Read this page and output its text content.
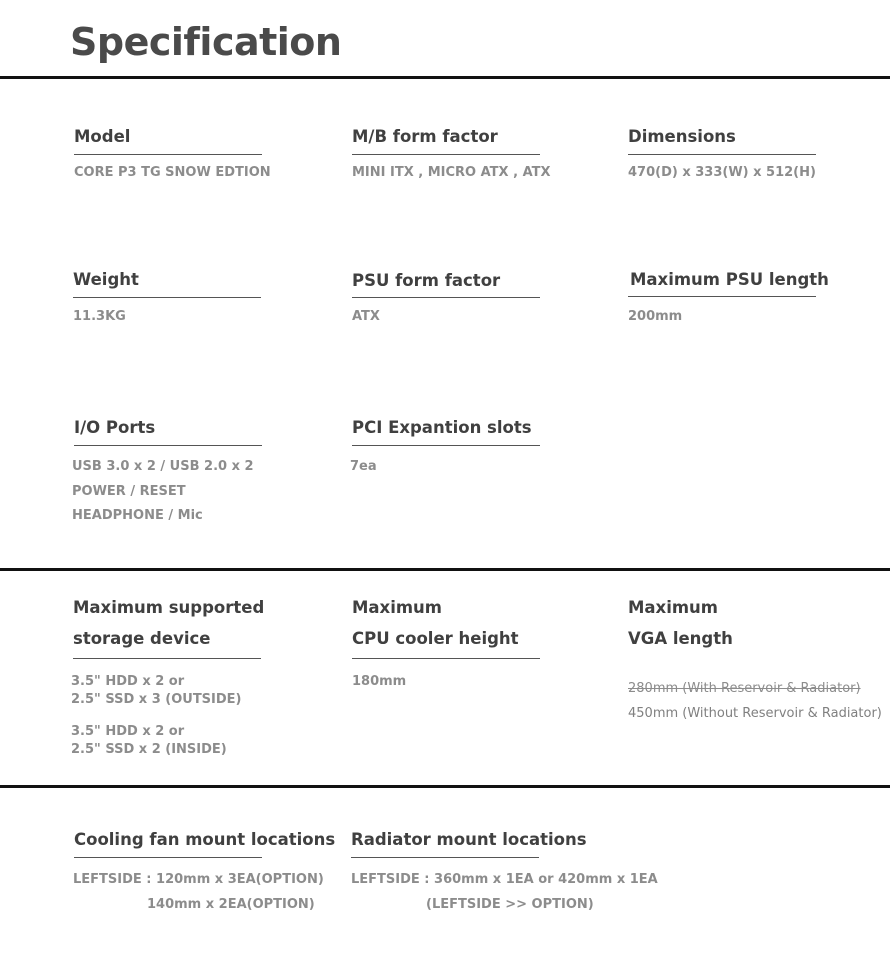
Specification
Model
CORE P3 TG SNOW EDTION
M/B form factor
MINI ITX , MICRO ATX , ATX
Dimensions
470(D) x 333(W) x 512(H)
Weight
11.3KG
PSU form factor
ATX
Maximum PSU length
200mm
I/O Ports
USB 3.0 x 2 / USB 2.0 x 2
POWER / RESET
HEADPHONE / Mic
PCI Expantion slots
7ea
Maximum supported
storage device
3.5" HDD x 2 or
2.5" SSD x 3 (OUTSIDE)
3.5" HDD x 2 or
2.5" SSD x 2 (INSIDE)
Maximum
CPU cooler height
180mm
Maximum
VGA length
280mm (With Reservoir & Radiator)
450mm (Without Reservoir & Radiator)
Cooling fan mount locations
LEFTSIDE : 120mm x 3EA(OPTION)
140mm x 2EA(OPTION)
Radiator mount locations
LEFTSIDE : 360mm x 1EA or 420mm x 1EA
(LEFTSIDE >> OPTION)
